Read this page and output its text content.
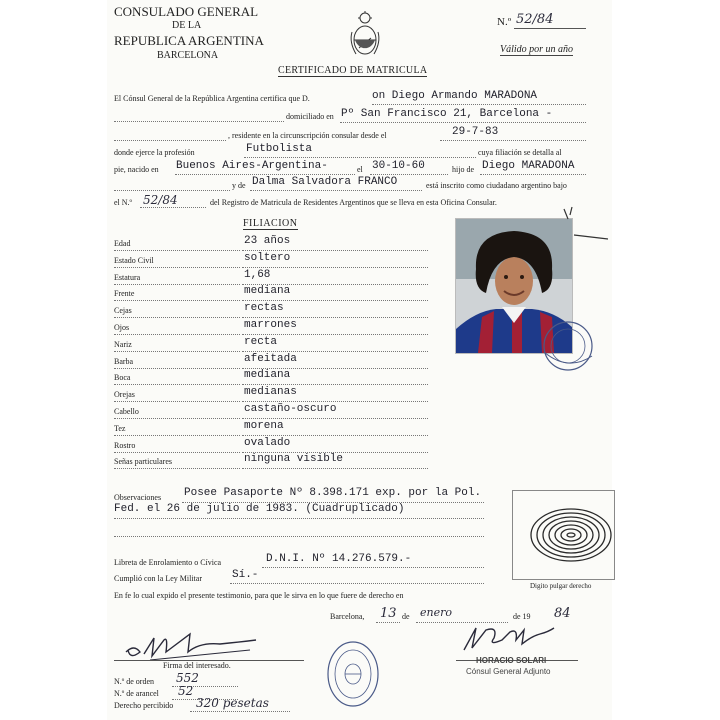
CONSULADO GENERAL
DE LA
REPUBLICA ARGENTINA
BARCELONA
N.º 52/84
Válido por un año
CERTIFICADO DE MATRICULA
El Cónsul General de la República Argentina certifica que D.	on Diego Armando MARADONA
domiciliado en Pº San Francisco 21, Barcelona -
, residente en la circunscripción consular desde el	29-7-83
donde ejerce la profesión	Futbolista	cuya filiación se detalla al
pie, nacido en Buenos Aires-Argentina-	el 30-10-60	hijo de Diego MARADONA
y de Dalma Salvadora FRANCO	está inscrito como ciudadano argentino bajo
el N.º 52/84	del Registro de Matricula de Residentes Argentinos que se lleva en esta Oficina Consular.
FILIACION
Edad	23 años
Estado Civil	soltero
Estatura	1,68
Frente	mediana
Cejas	rectas
Ojos	marrones
Nariz	recta
Barba	afeitada
Boca	mediana
Orejas	medianas
Cabello	castaño-oscuro
Tez	morena
Rostro	ovalado
Señas particulares	ninguna visible
Observaciones Posee Pasaporte Nº 8.398.171 exp. por la Pol.
Fed. el 26 de julio de 1983. (Cuadruplicado)
Digito pulgar derecho
Libreta de Enrolamiento o Cívica	D.N.I. Nº 14.276.579.-
Cumplió con la Ley Militar	Sí.-
En fe lo cual expido el presente testimonio, para que le sirva en lo que fuere de derecho en
Barcelona, 13 de enero	de 19 84
Firma del interesado.
HORACIO SOLARI
Cónsul General Adjunto
N.º de orden 552
N.º de arancel 52
Derecho percibido 320 pesetas
